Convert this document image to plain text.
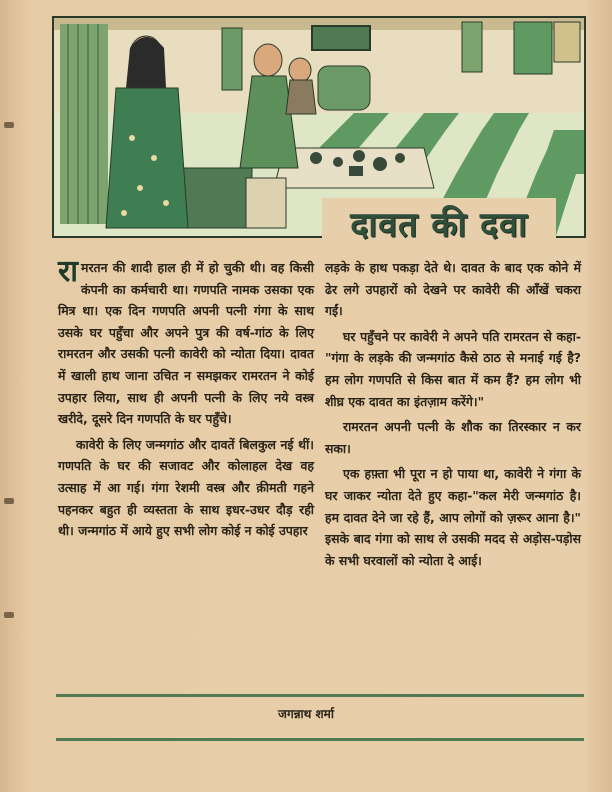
दावत की दवा

रामरतन की शादी हाल ही में हो चुकी थी। वह किसी कंपनी का कर्मचारी था। गणपति नामक उसका एक मित्र था। एक दिन गणपति अपनी पत्नी गंगा के साथ उसके घर पहुँचा और अपने पुत्र की वर्ष-गांठ के लिए रामरतन और उसकी पत्नी कावेरी को न्योता दिया। दावत में खाली हाथ जाना उचित न समझकर रामरतन ने कोई उपहार लिया, साथ ही अपनी पत्नी के लिए नये वस्त्र खरीदे, दूसरे दिन गणपति के घर पहुँचे।

कावेरी के लिए जन्मगांठ और दावतें बिलकुल नई थीं। गणपति के घर की सजावट और कोलाहल देख वह उत्साह में आ गई। गंगा रेशमी वस्त्र और क़ीमती गहने पहनकर बहुत ही व्यस्तता के साथ इधर-उधर दौड़ रही थी। जन्मगांठ में आये हुए सभी लोग कोई न कोई उपहार

लड़के के हाथ पकड़ा देते थे। दावत के बाद एक कोने में ढेर लगे उपहारों को देखने पर कावेरी की आँखें चकरा गईं।

घर पहुँचने पर कावेरी ने अपने पति रामरतन से कहा-"गंगा के लड़के की जन्मगांठ कैसे ठाठ से मनाई गई है? हम लोग गणपति से किस बात में कम हैं? हम लोग भी शीघ्र एक दावत का इंतज़ाम करेंगे।"

रामरतन अपनी पत्नी के शौक का तिरस्कार न कर सका।

एक हफ़्ता भी पूरा न हो पाया था, कावेरी ने गंगा के घर जाकर न्योता देते हुए कहा-"कल मेरी जन्मगांठ है। हम दावत देने जा रहे हैं, आप लोगों को ज़रूर आना है।" इसके बाद गंगा को साथ ले उसकी मदद से अड़ोस-पड़ोस के सभी घरवालों को न्योता दे आई।

जगन्नाथ शर्मा
